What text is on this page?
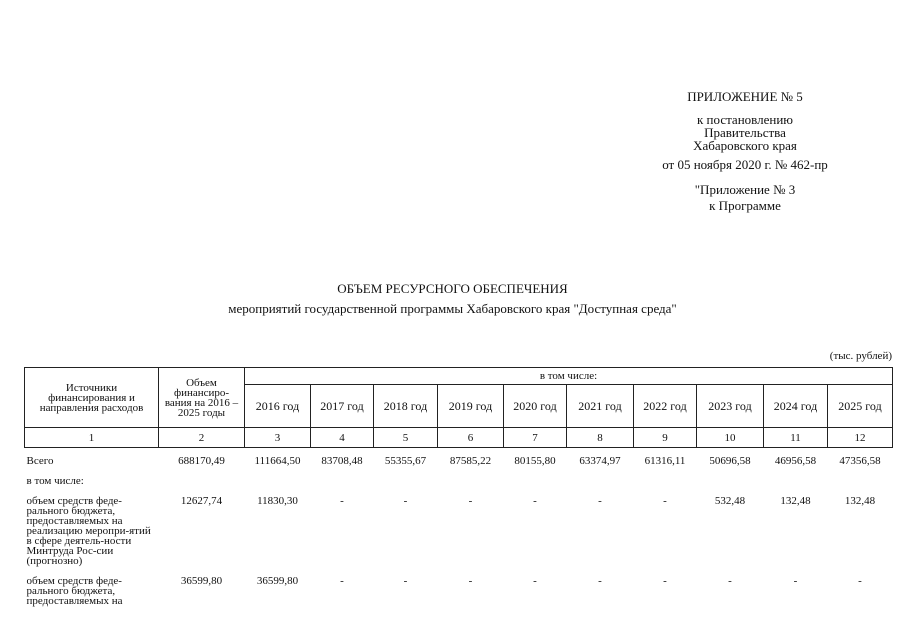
ПРИЛОЖЕНИЕ № 5
к постановлению
Правительства
Хабаровского края
от 05 ноября 2020 г. № 462-пр
"Приложение № 3
к Программе
ОБЪЕМ РЕСУРСНОГО ОБЕСПЕЧЕНИЯ
мероприятий государственной программы Хабаровского края "Доступная среда"
(тыс. рублей)
Источники финансирования и направления расходов	Объем финансиро-вания на 2016 – 2025 годы	в том числе:									
		2016 год	2017 год	2018 год	2019 год	2020 год	2021 год	2022 год	2023 год	2024 год	2025 год
1	2	3	4	5	6	7	8	9	10	11	12
Всего	688170,49	111664,50	83708,48	55355,67	87585,22	80155,80	63374,97	61316,11	50696,58	46956,58	47356,58
в том числе:											
объем средств феде-рального бюджета, предоставляемых на реализацию меропри-ятий в сфере деятель-ности Минтруда Рос-сии (прогнозно)	12627,74	11830,30	-	-	-	-	-	-	532,48	132,48	132,48
объем средств феде-рального бюджета, предоставляемых на	36599,80	36599,80	-	-	-	-	-	-	-	-	-
